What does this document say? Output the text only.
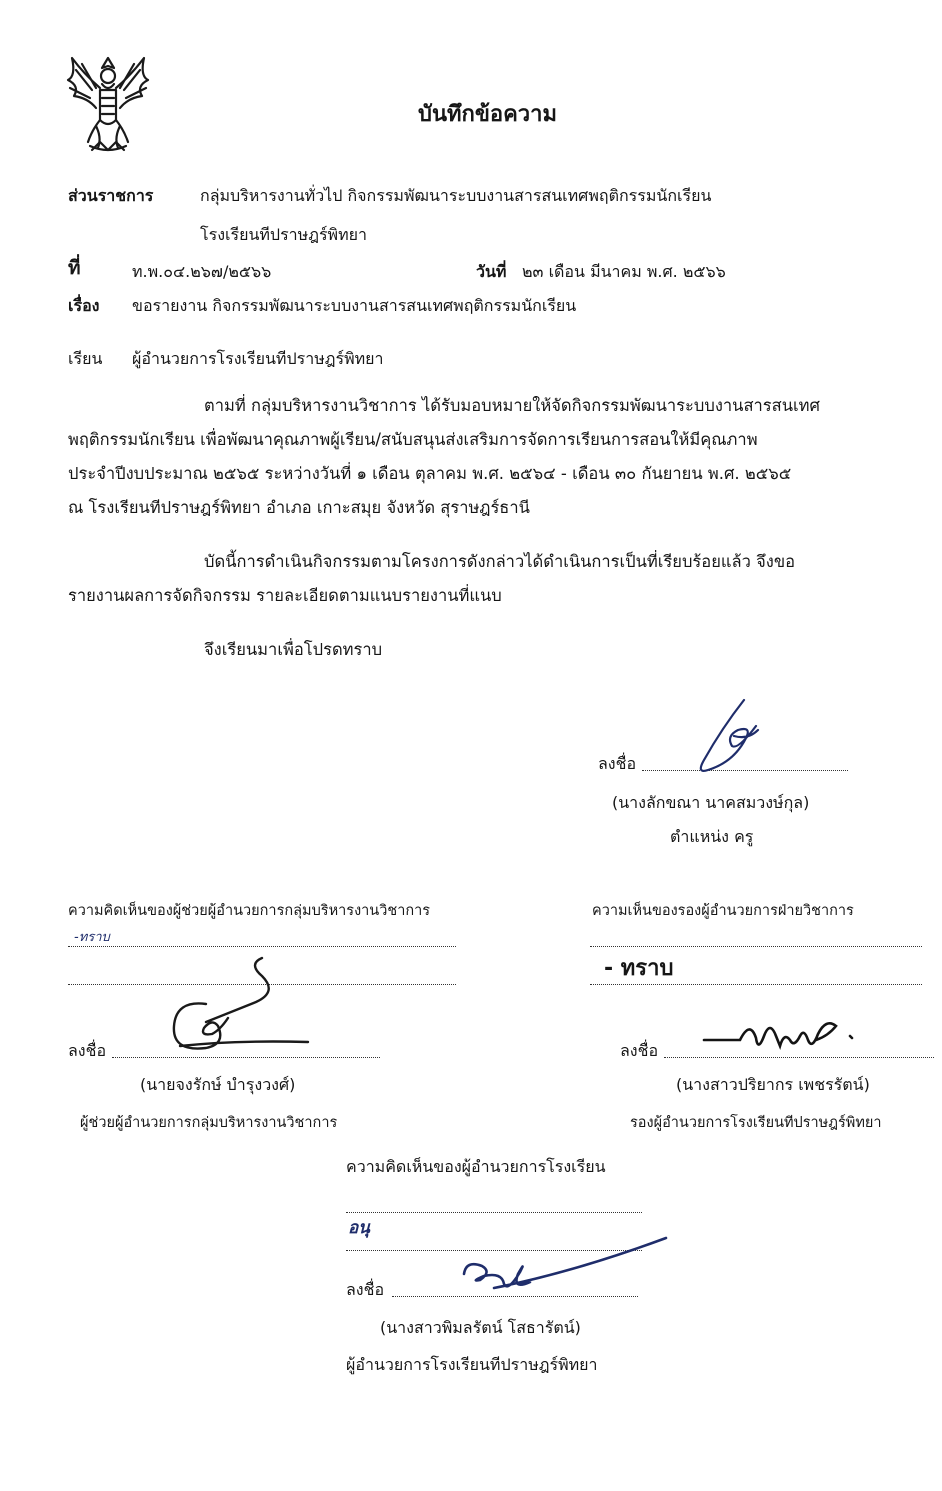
บันทึกข้อความ
ส่วนราชการ	กลุ่มบริหารงานทั่วไป กิจกรรมพัฒนาระบบงานสารสนเทศพฤติกรรมนักเรียน
โรงเรียนทีปราษฎร์พิทยา
ที่	ท.พ.๐๔.๒๖๗/๒๕๖๖	วันที่ ๒๓ เดือน มีนาคม พ.ศ. ๒๕๖๖
เรื่อง ขอรายงาน กิจกรรมพัฒนาระบบงานสารสนเทศพฤติกรรมนักเรียน
เรียน ผู้อำนวยการโรงเรียนทีปราษฎร์พิทยา
ตามที่ กลุ่มบริหารงานวิชาการ ได้รับมอบหมายให้จัดกิจกรรมพัฒนาระบบงานสารสนเทศ
พฤติกรรมนักเรียน เพื่อพัฒนาคุณภาพผู้เรียน/สนับสนุนส่งเสริมการจัดการเรียนการสอนให้มีคุณภาพ
ประจำปีงบประมาณ ๒๕๖๕ ระหว่างวันที่ ๑ เดือน ตุลาคม พ.ศ. ๒๕๖๔ - เดือน ๓๐ กันยายน พ.ศ. ๒๕๖๕
ณ โรงเรียนทีปราษฎร์พิทยา อำเภอ เกาะสมุย จังหวัด สุราษฎร์ธานี
บัดนี้การดำเนินกิจกรรมตามโครงการดังกล่าวได้ดำเนินการเป็นที่เรียบร้อยแล้ว จึงขอ
รายงานผลการจัดกิจกรรม รายละเอียดตามแนบรายงานที่แนบ
จึงเรียนมาเพื่อโปรดทราบ
ลงชื่อ
(นางลักขณา นาคสมวงษ์กุล)
ตำแหน่ง ครู
ความคิดเห็นของผู้ช่วยผู้อำนวยการกลุ่มบริหารงานวิชาการ
-ทราบ
ลงชื่อ
(นายจงรักษ์ บำรุงวงศ์)
ผู้ช่วยผู้อำนวยการกลุ่มบริหารงานวิชาการ
ความเห็นของรองผู้อำนวยการฝ่ายวิชาการ
- ทราบ
ลงชื่อ
(นางสาวปริยากร เพชรรัตน์)
รองผู้อำนวยการโรงเรียนทีปราษฎร์พิทยา
ความคิดเห็นของผู้อำนวยการโรงเรียน
อนุ
ลงชื่อ
(นางสาวพิมลรัตน์ โสธารัตน์)
ผู้อำนวยการโรงเรียนทีปราษฎร์พิทยา
